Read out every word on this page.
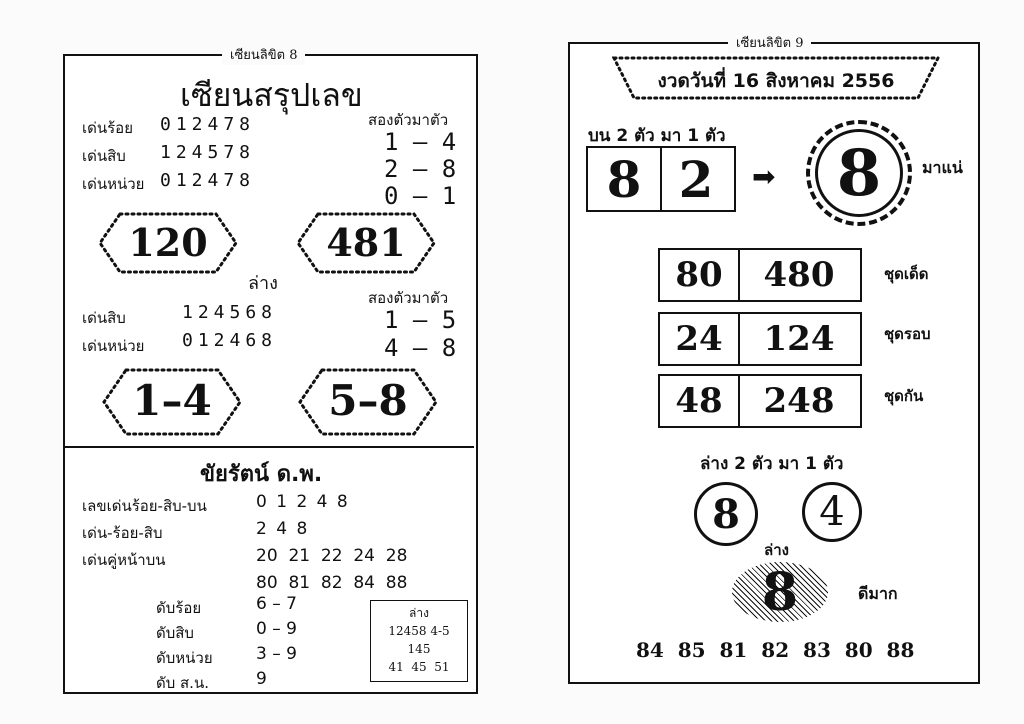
เซียนลิขิต 8
เซียนสรุปเลข
เด่นร้อย 012478
เด่นสิบ 124578
เด่นหน่วย 012478
สองตัวมาตัว
1 – 4
2 – 8
0 – 1
120	481
ล่าง
เด่นสิบ	124568
เด่นหน่วย 012468
สองตัวมาตัว
1 – 5
4 – 8
1–4	5–8
ขัยรัตน์ ด.พ.
เลขเด่นร้อย-สิบ-บน	0 1 2 4 8
เด่น-ร้อย-สิบ	2 4 8
เด่นคู่หน้าบน	20  21  22  24  28
80  81  82  84  88
ดับร้อย	6 – 7
ดับสิบ	0 – 9
ดับหน่วย	3 – 9
ดับ ส.น.	9
ล่าง
12458 4-5
145
41  45  51
เซียนลิขิต 9
งวดวันที่ 16 สิงหาคม 2556
บน 2 ตัว มา 1 ตัว
8 2	➡ 8	มาแน่
80	480	ชุดเด็ด
24	124	ชุดรอบ
48	248	ชุดกัน
ล่าง 2 ตัว มา 1 ตัว
8	4
ล่าง
8	ดีมาก
84  85  81  82  83  80  88
